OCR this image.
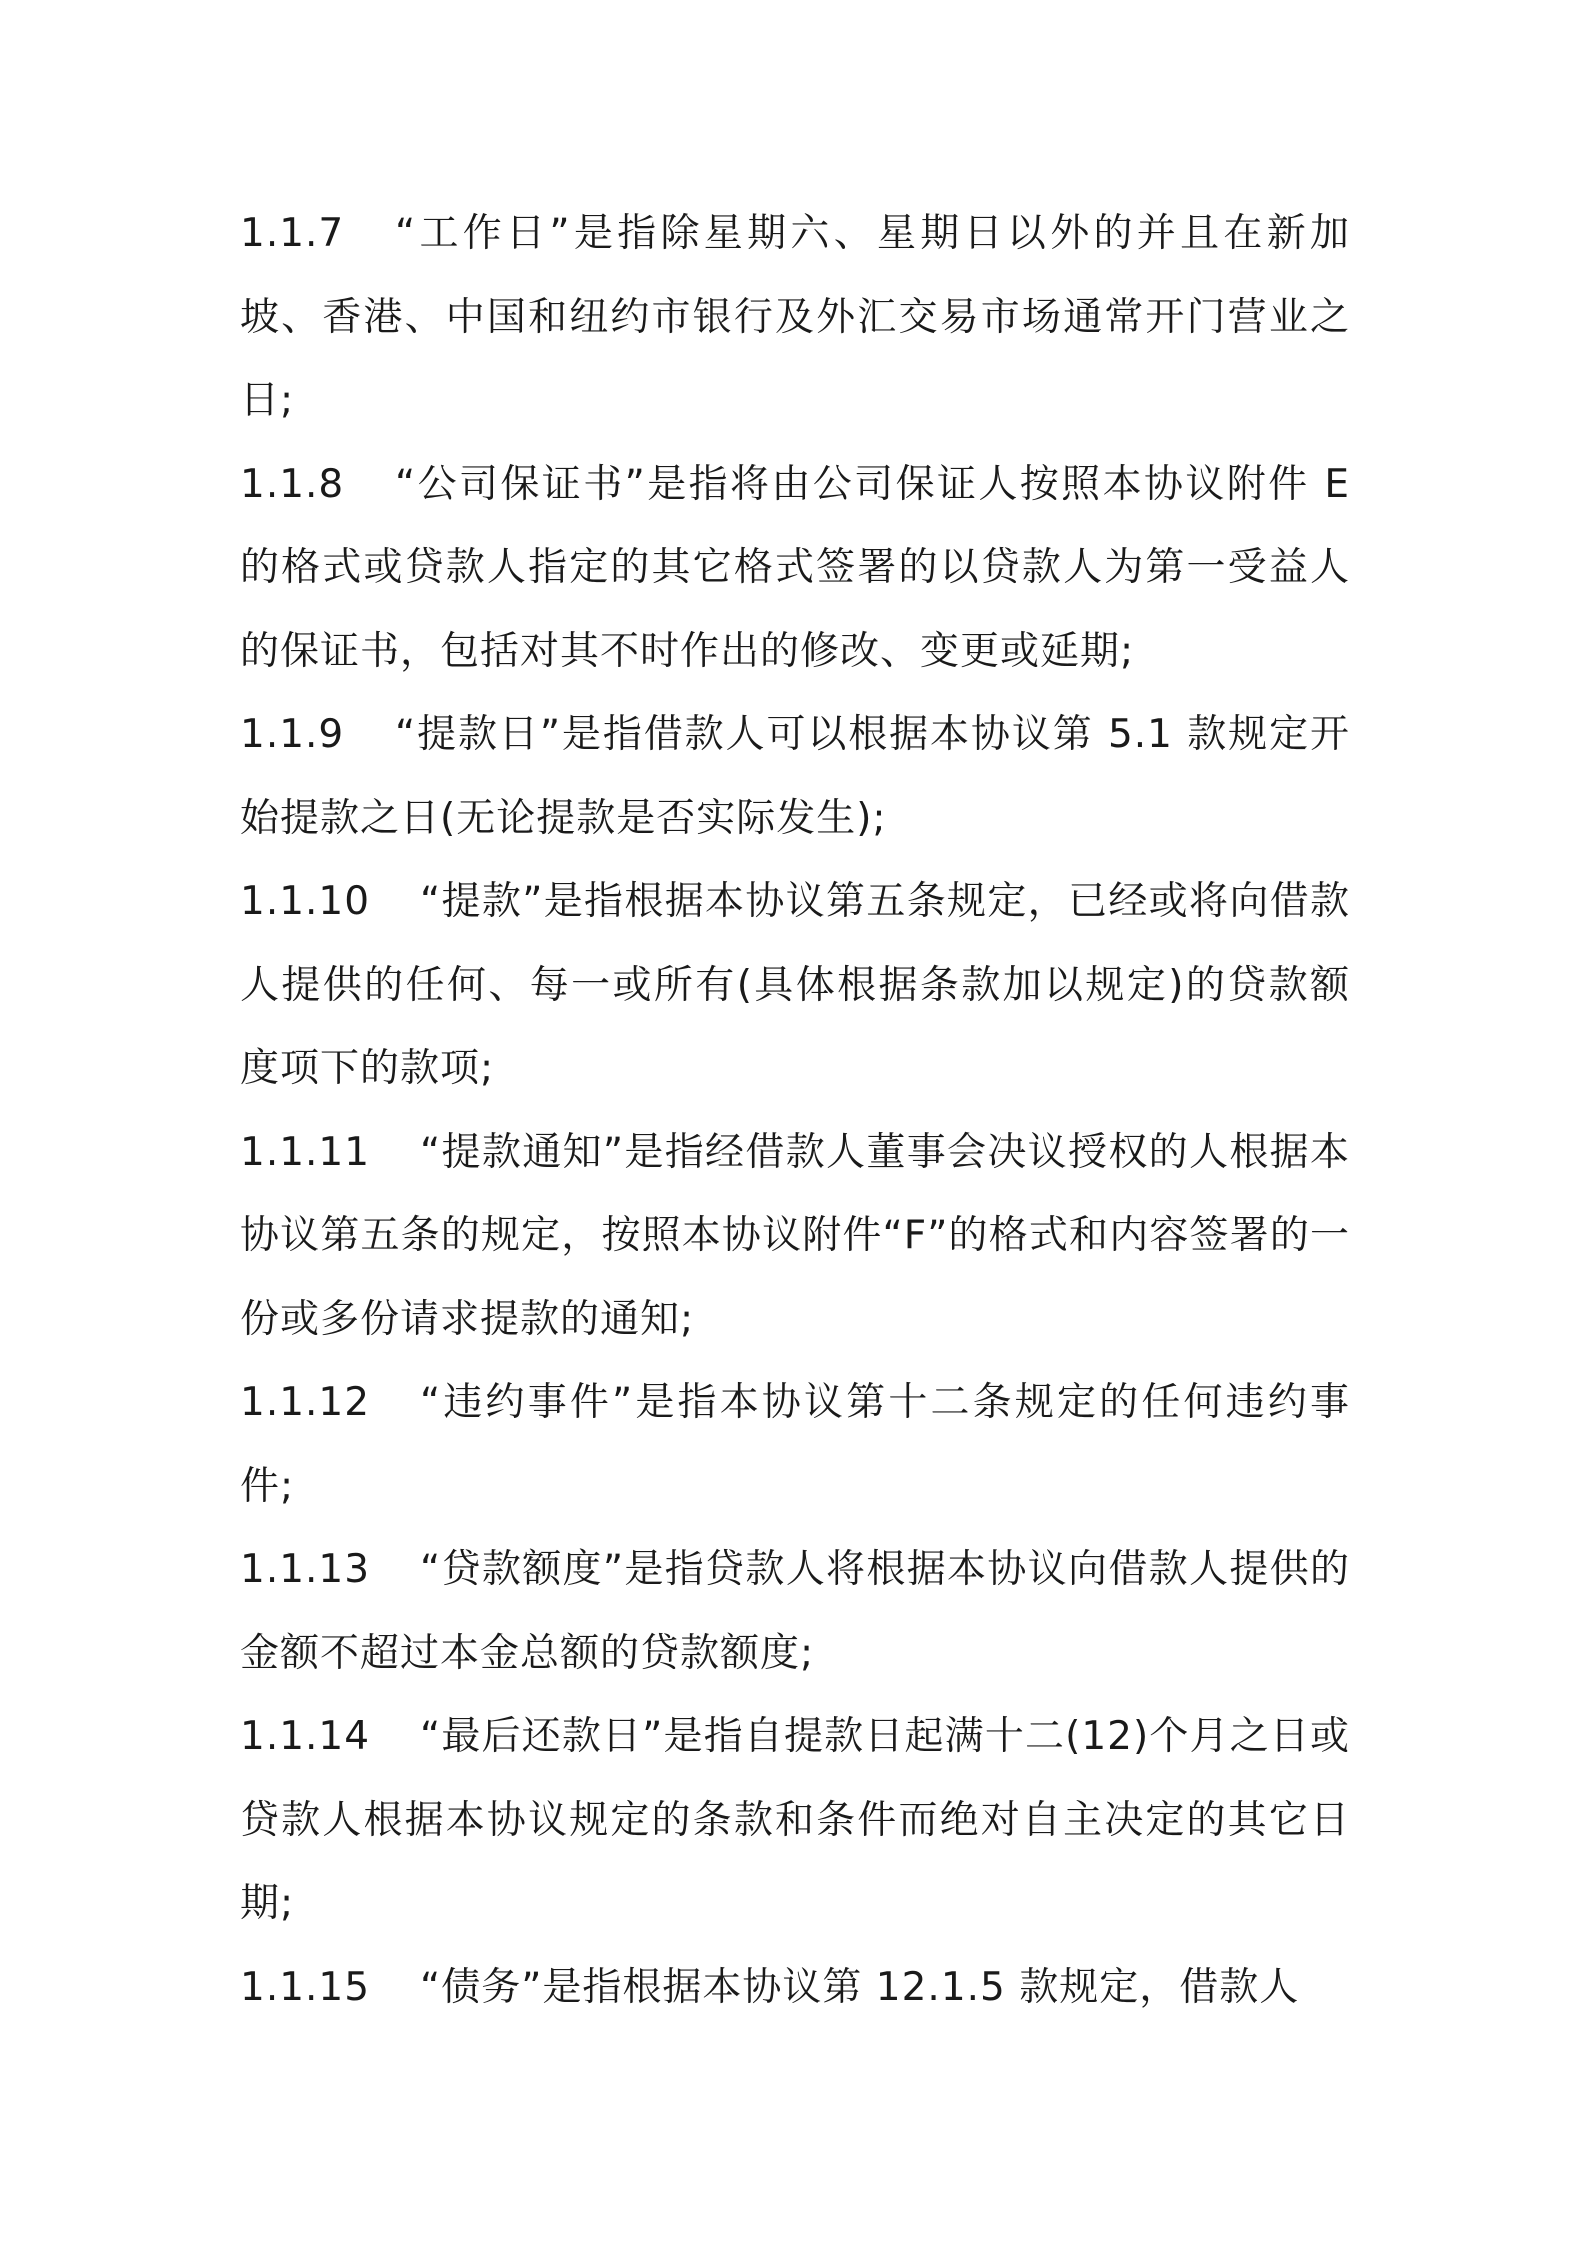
1.1.7 “工作日”是指除星期六、星期日以外的并且在新加坡、香港、中国和纽约市银行及外汇交易市场通常开门营业之日;

1.1.8 “公司保证书”是指将由公司保证人按照本协议附件 E 的格式或贷款人指定的其它格式签署的以贷款人为第一受益人的保证书，包括对其不时作出的修改、变更或延期;

1.1.9 “提款日”是指借款人可以根据本协议第 5.1 款规定开始提款之日(无论提款是否实际发生);

1.1.10 “提款”是指根据本协议第五条规定，已经或将向借款人提供的任何、每一或所有(具体根据条款加以规定)的贷款额度项下的款项;

1.1.11 “提款通知”是指经借款人董事会决议授权的人根据本协议第五条的规定，按照本协议附件“F”的格式和内容签署的一份或多份请求提款的通知;

1.1.12 “违约事件”是指本协议第十二条规定的任何违约事件;

1.1.13 “贷款额度”是指贷款人将根据本协议向借款人提供的金额不超过本金总额的贷款额度;

1.1.14 “最后还款日”是指自提款日起满十二(12)个月之日或贷款人根据本协议规定的条款和条件而绝对自主决定的其它日期;

1.1.15 “债务”是指根据本协议第 12.1.5 款规定，借款人
